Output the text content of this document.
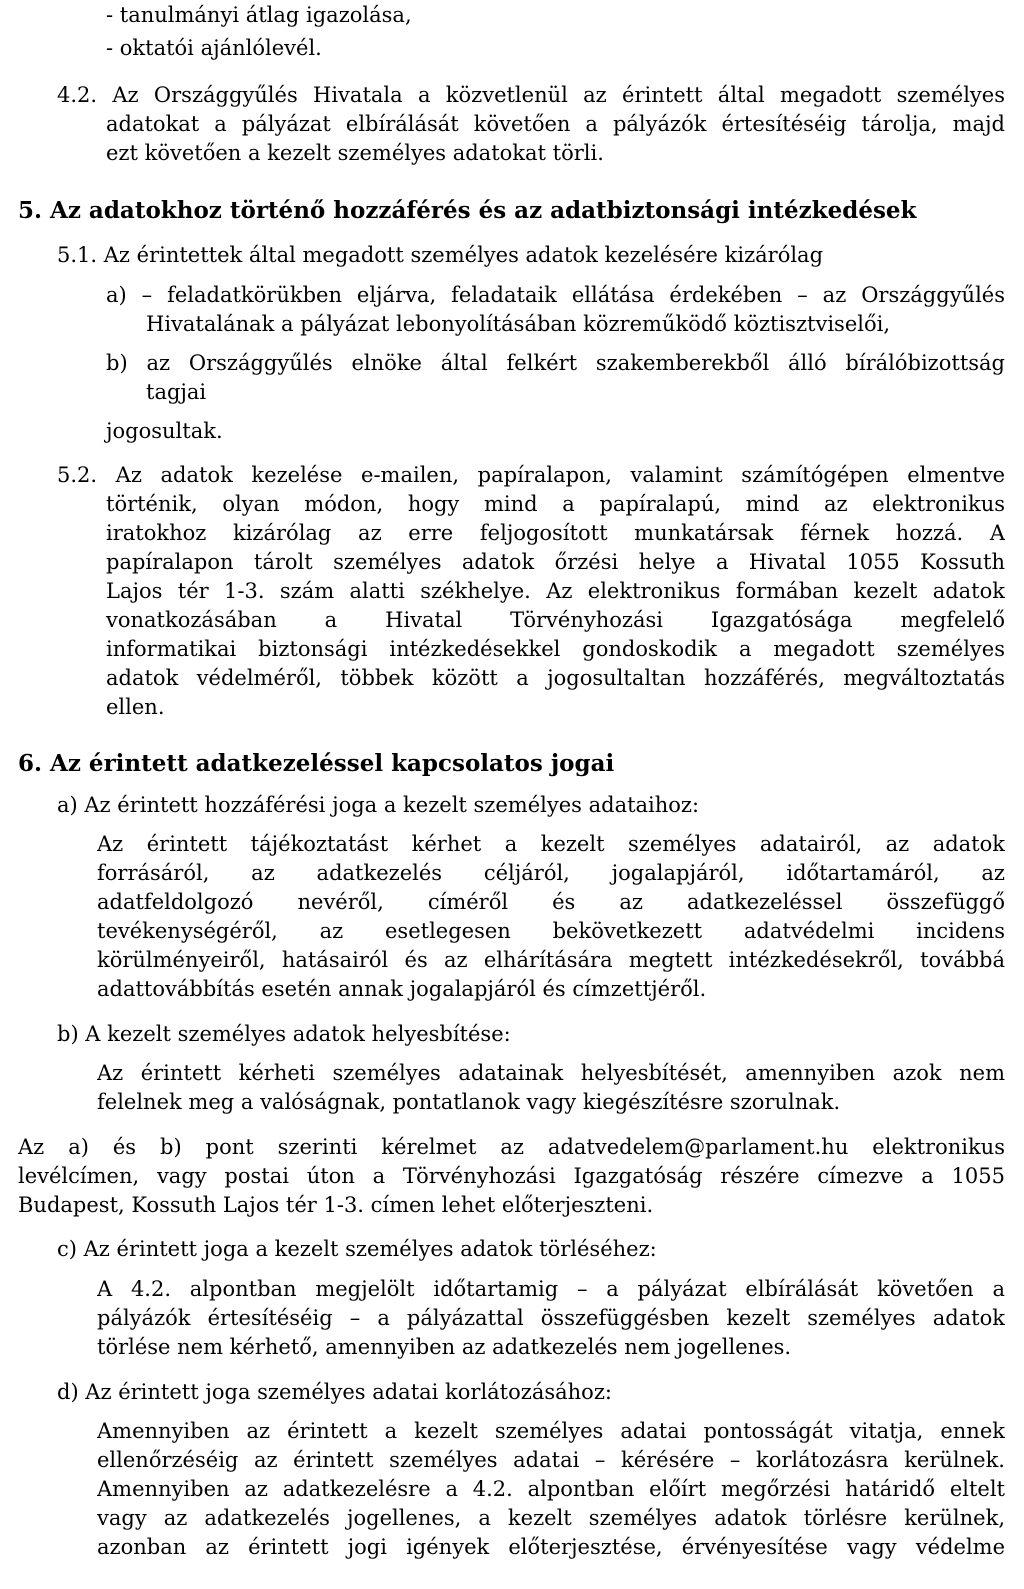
- tanulmányi átlag igazolása,
- oktatói ajánlólevél.
4.2. Az Országgyűlés Hivatala a közvetlenül az érintett által megadott személyes
adatokat a pályázat elbírálását követően a pályázók értesítéséig tárolja, majd
ezt követően a kezelt személyes adatokat törli.
5. Az adatokhoz történő hozzáférés és az adatbiztonsági intézkedések
5.1. Az érintettek által megadott személyes adatok kezelésére kizárólag
a) – feladatkörükben eljárva, feladataik ellátása érdekében – az Országgyűlés
Hivatalának a pályázat lebonyolításában közreműködő köztisztviselői,
b) az Országgyűlés elnöke által felkért szakemberekből álló bírálóbizottság
tagjai
jogosultak.
5.2. Az adatok kezelése e-mailen, papíralapon, valamint számítógépen elmentve
történik, olyan módon, hogy mind a papíralapú, mind az elektronikus
iratokhoz kizárólag az erre feljogosított munkatársak férnek hozzá. A
papíralapon tárolt személyes adatok őrzési helye a Hivatal 1055 Kossuth
Lajos tér 1-3. szám alatti székhelye. Az elektronikus formában kezelt adatok
vonatkozásában a Hivatal Törvényhozási Igazgatósága megfelelő
informatikai biztonsági intézkedésekkel gondoskodik a megadott személyes
adatok védelméről, többek között a jogosultaltan hozzáférés, megváltoztatás
ellen.
6. Az érintett adatkezeléssel kapcsolatos jogai
a) Az érintett hozzáférési joga a kezelt személyes adataihoz:
Az érintett tájékoztatást kérhet a kezelt személyes adatairól, az adatok
forrásáról, az adatkezelés céljáról, jogalapjáról, időtartamáról, az
adatfeldolgozó nevéről, címéről és az adatkezeléssel összefüggő
tevékenységéről, az esetlegesen bekövetkezett adatvédelmi incidens
körülményeiről, hatásairól és az elhárítására megtett intézkedésekről, továbbá
adattovábbítás esetén annak jogalapjáról és címzettjéről.
b) A kezelt személyes adatok helyesbítése:
Az érintett kérheti személyes adatainak helyesbítését, amennyiben azok nem
felelnek meg a valóságnak, pontatlanok vagy kiegészítésre szorulnak.
Az a) és b) pont szerinti kérelmet az adatvedelem@parlament.hu elektronikus
levélcímen, vagy postai úton a Törvényhozási Igazgatóság részére címezve a 1055
Budapest, Kossuth Lajos tér 1-3. címen lehet előterjeszteni.
c) Az érintett joga a kezelt személyes adatok törléséhez:
A 4.2. alpontban megjelölt időtartamig – a pályázat elbírálását követően a
pályázók értesítéséig – a pályázattal összefüggésben kezelt személyes adatok
törlése nem kérhető, amennyiben az adatkezelés nem jogellenes.
d) Az érintett joga személyes adatai korlátozásához:
Amennyiben az érintett a kezelt személyes adatai pontosságát vitatja, ennek
ellenőrzéséig az érintett személyes adatai – kérésére – korlátozásra kerülnek.
Amennyiben az adatkezelésre a 4.2. alpontban előírt megőrzési határidő eltelt
vagy az adatkezelés jogellenes, a kezelt személyes adatok törlésre kerülnek,
azonban az érintett jogi igények előterjesztése, érvényesítése vagy védelme
